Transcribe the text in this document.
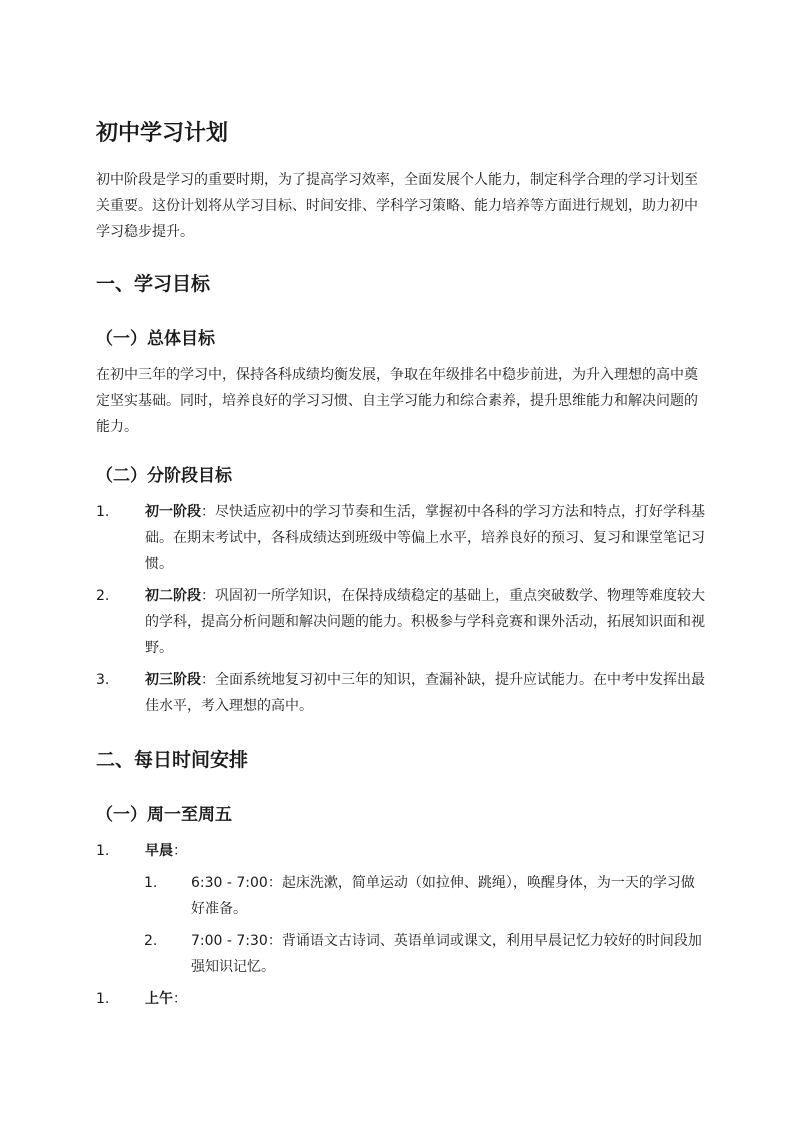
初中学习计划

初中阶段是学习的重要时期，为了提高学习效率，全面发展个人能力，制定科学合理的学习计划至关重要。这份计划将从学习目标、时间安排、学科学习策略、能力培养等方面进行规划，助力初中学习稳步提升。

一、学习目标
（一）总体目标

在初中三年的学习中，保持各科成绩均衡发展，争取在年级排名中稳步前进，为升入理想的高中奠定坚实基础。同时，培养良好的学习习惯、自主学习能力和综合素养，提升思维能力和解决问题的能力。

（二）分阶段目标
1.	初一阶段：尽快适应初中的学习节奏和生活，掌握初中各科的学习方法和特点，打好学科基础。在期末考试中，各科成绩达到班级中等偏上水平，培养良好的预习、复习和课堂笔记习惯。
2.	初二阶段：巩固初一所学知识，在保持成绩稳定的基础上，重点突破数学、物理等难度较大的学科，提高分析问题和解决问题的能力。积极参与学科竞赛和课外活动，拓展知识面和视野。
3.	初三阶段：全面系统地复习初中三年的知识，查漏补缺，提升应试能力。在中考中发挥出最佳水平，考入理想的高中。
二、每日时间安排
（一）周一至周五
1.	早晨：
1. 6:30 - 7:00：起床洗漱，简单运动（如拉伸、跳绳），唤醒身体，为一天的学习做好准备。
2. 7:00 - 7:30：背诵语文古诗词、英语单词或课文，利用早晨记忆力较好的时间段加强知识记忆。
1.	上午：
